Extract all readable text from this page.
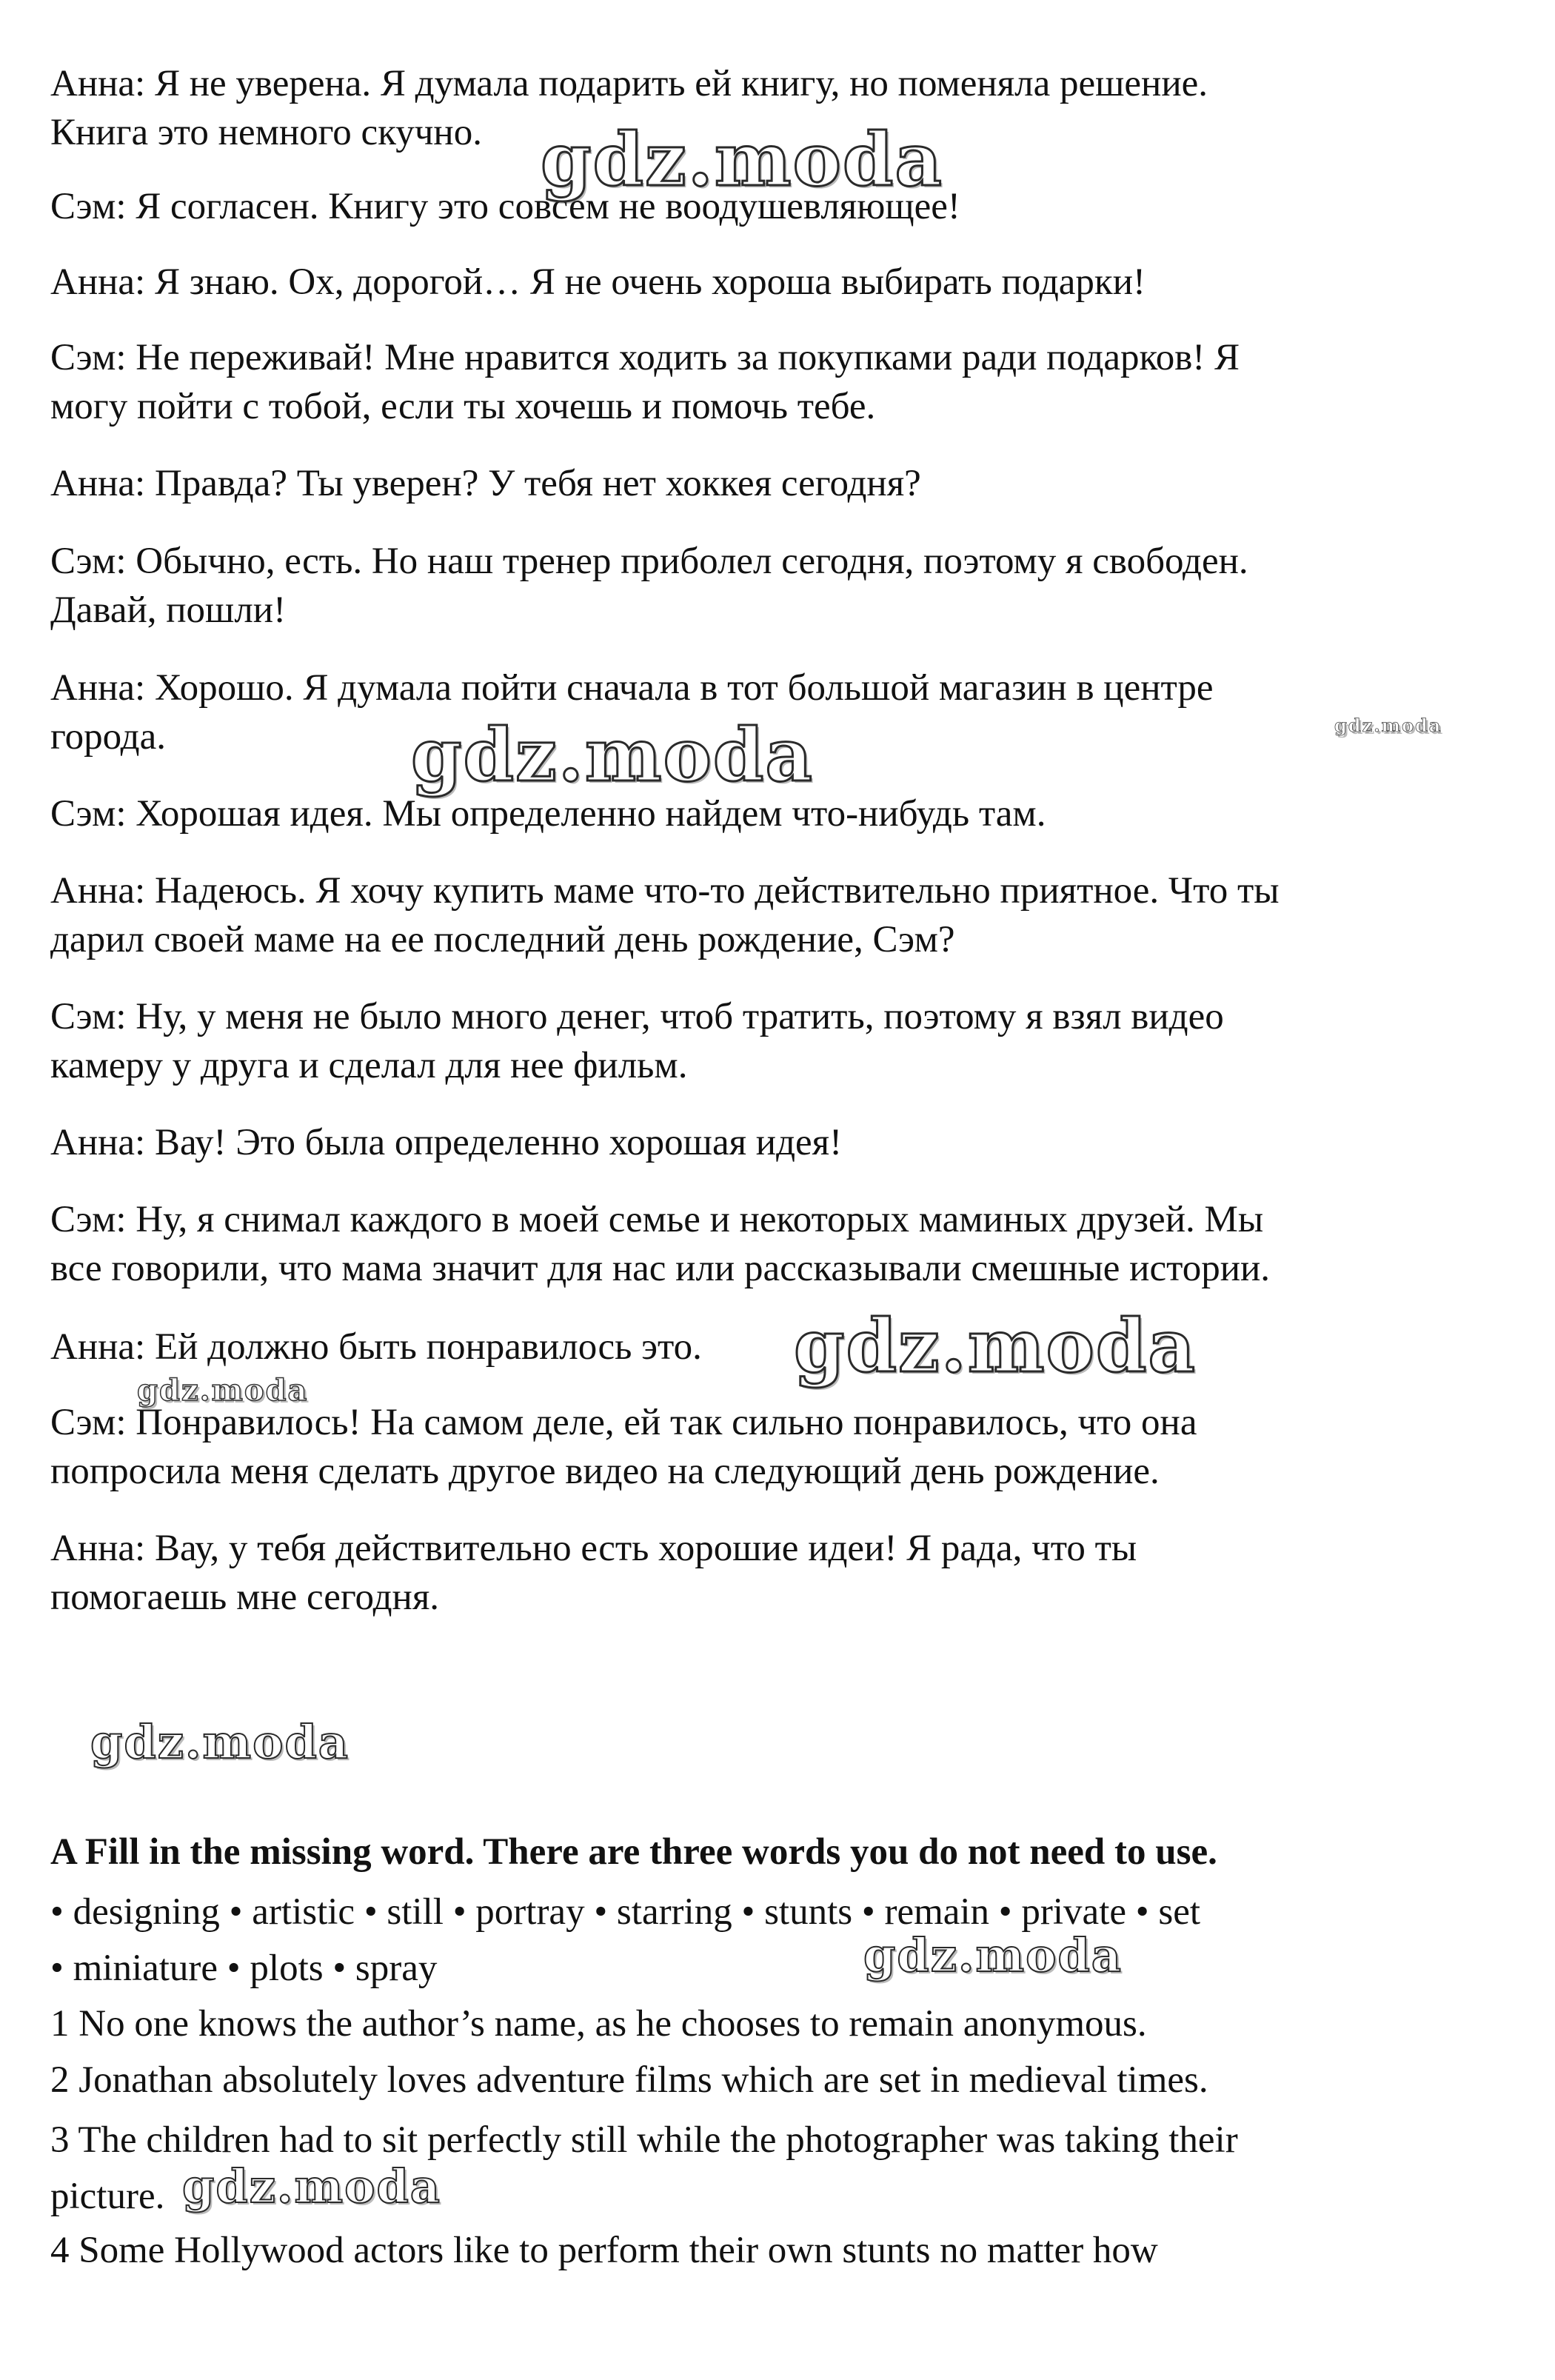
Анна: Я не уверена. Я думала подарить ей книгу, но поменяла решение.
Книга это немного скучно.
Сэм: Я согласен. Книгу это совсем не воодушевляющее!
Анна: Я знаю. Ох, дорогой… Я не очень хороша выбирать подарки!
Сэм: Не переживай! Мне нравится ходить за покупками ради подарков! Я
могу пойти с тобой, если ты хочешь и помочь тебе.
Анна: Правда? Ты уверен? У тебя нет хоккея сегодня?
Сэм: Обычно, есть. Но наш тренер приболел сегодня, поэтому я свободен.
Давай, пошли!
Анна: Хорошо. Я думала пойти сначала в тот большой магазин в центре
города.
Сэм: Хорошая идея. Мы определенно найдем что-нибудь там.
Анна: Надеюсь. Я хочу купить маме что-то действительно приятное. Что ты
дарил своей маме на ее последний день рождение, Сэм?
Сэм: Ну, у меня не было много денег, чтоб тратить, поэтому я взял видео
камеру у друга и сделал для нее фильм.
Анна: Вау! Это была определенно хорошая идея!
Сэм: Ну, я снимал каждого в моей семье и некоторых маминых друзей. Мы
все говорили, что мама значит для нас или рассказывали смешные истории.
Анна: Ей должно быть понравилось это.
Сэм: Понравилось! На самом деле, ей так сильно понравилось, что она
попросила меня сделать другое видео на следующий день рождение.
Анна: Вау, у тебя действительно есть хорошие идеи! Я рада, что ты
помогаешь мне сегодня.
A Fill in the missing word. There are three words you do not need to use.
• designing • artistic • still • portray • starring • stunts • remain • private • set
• miniature • plots • spray
1 No one knows the author’s name, as he chooses to remain anonymous.
2 Jonathan absolutely loves adventure films which are set in medieval times.
3 The children had to sit perfectly still while the photographer was taking their
picture.
4 Some Hollywood actors like to perform their own stunts no matter how
gdz.moda
gdz.moda	gdz.moda
gdz.moda
gdz.moda
gdz.moda
gdz.moda
gdz.moda
